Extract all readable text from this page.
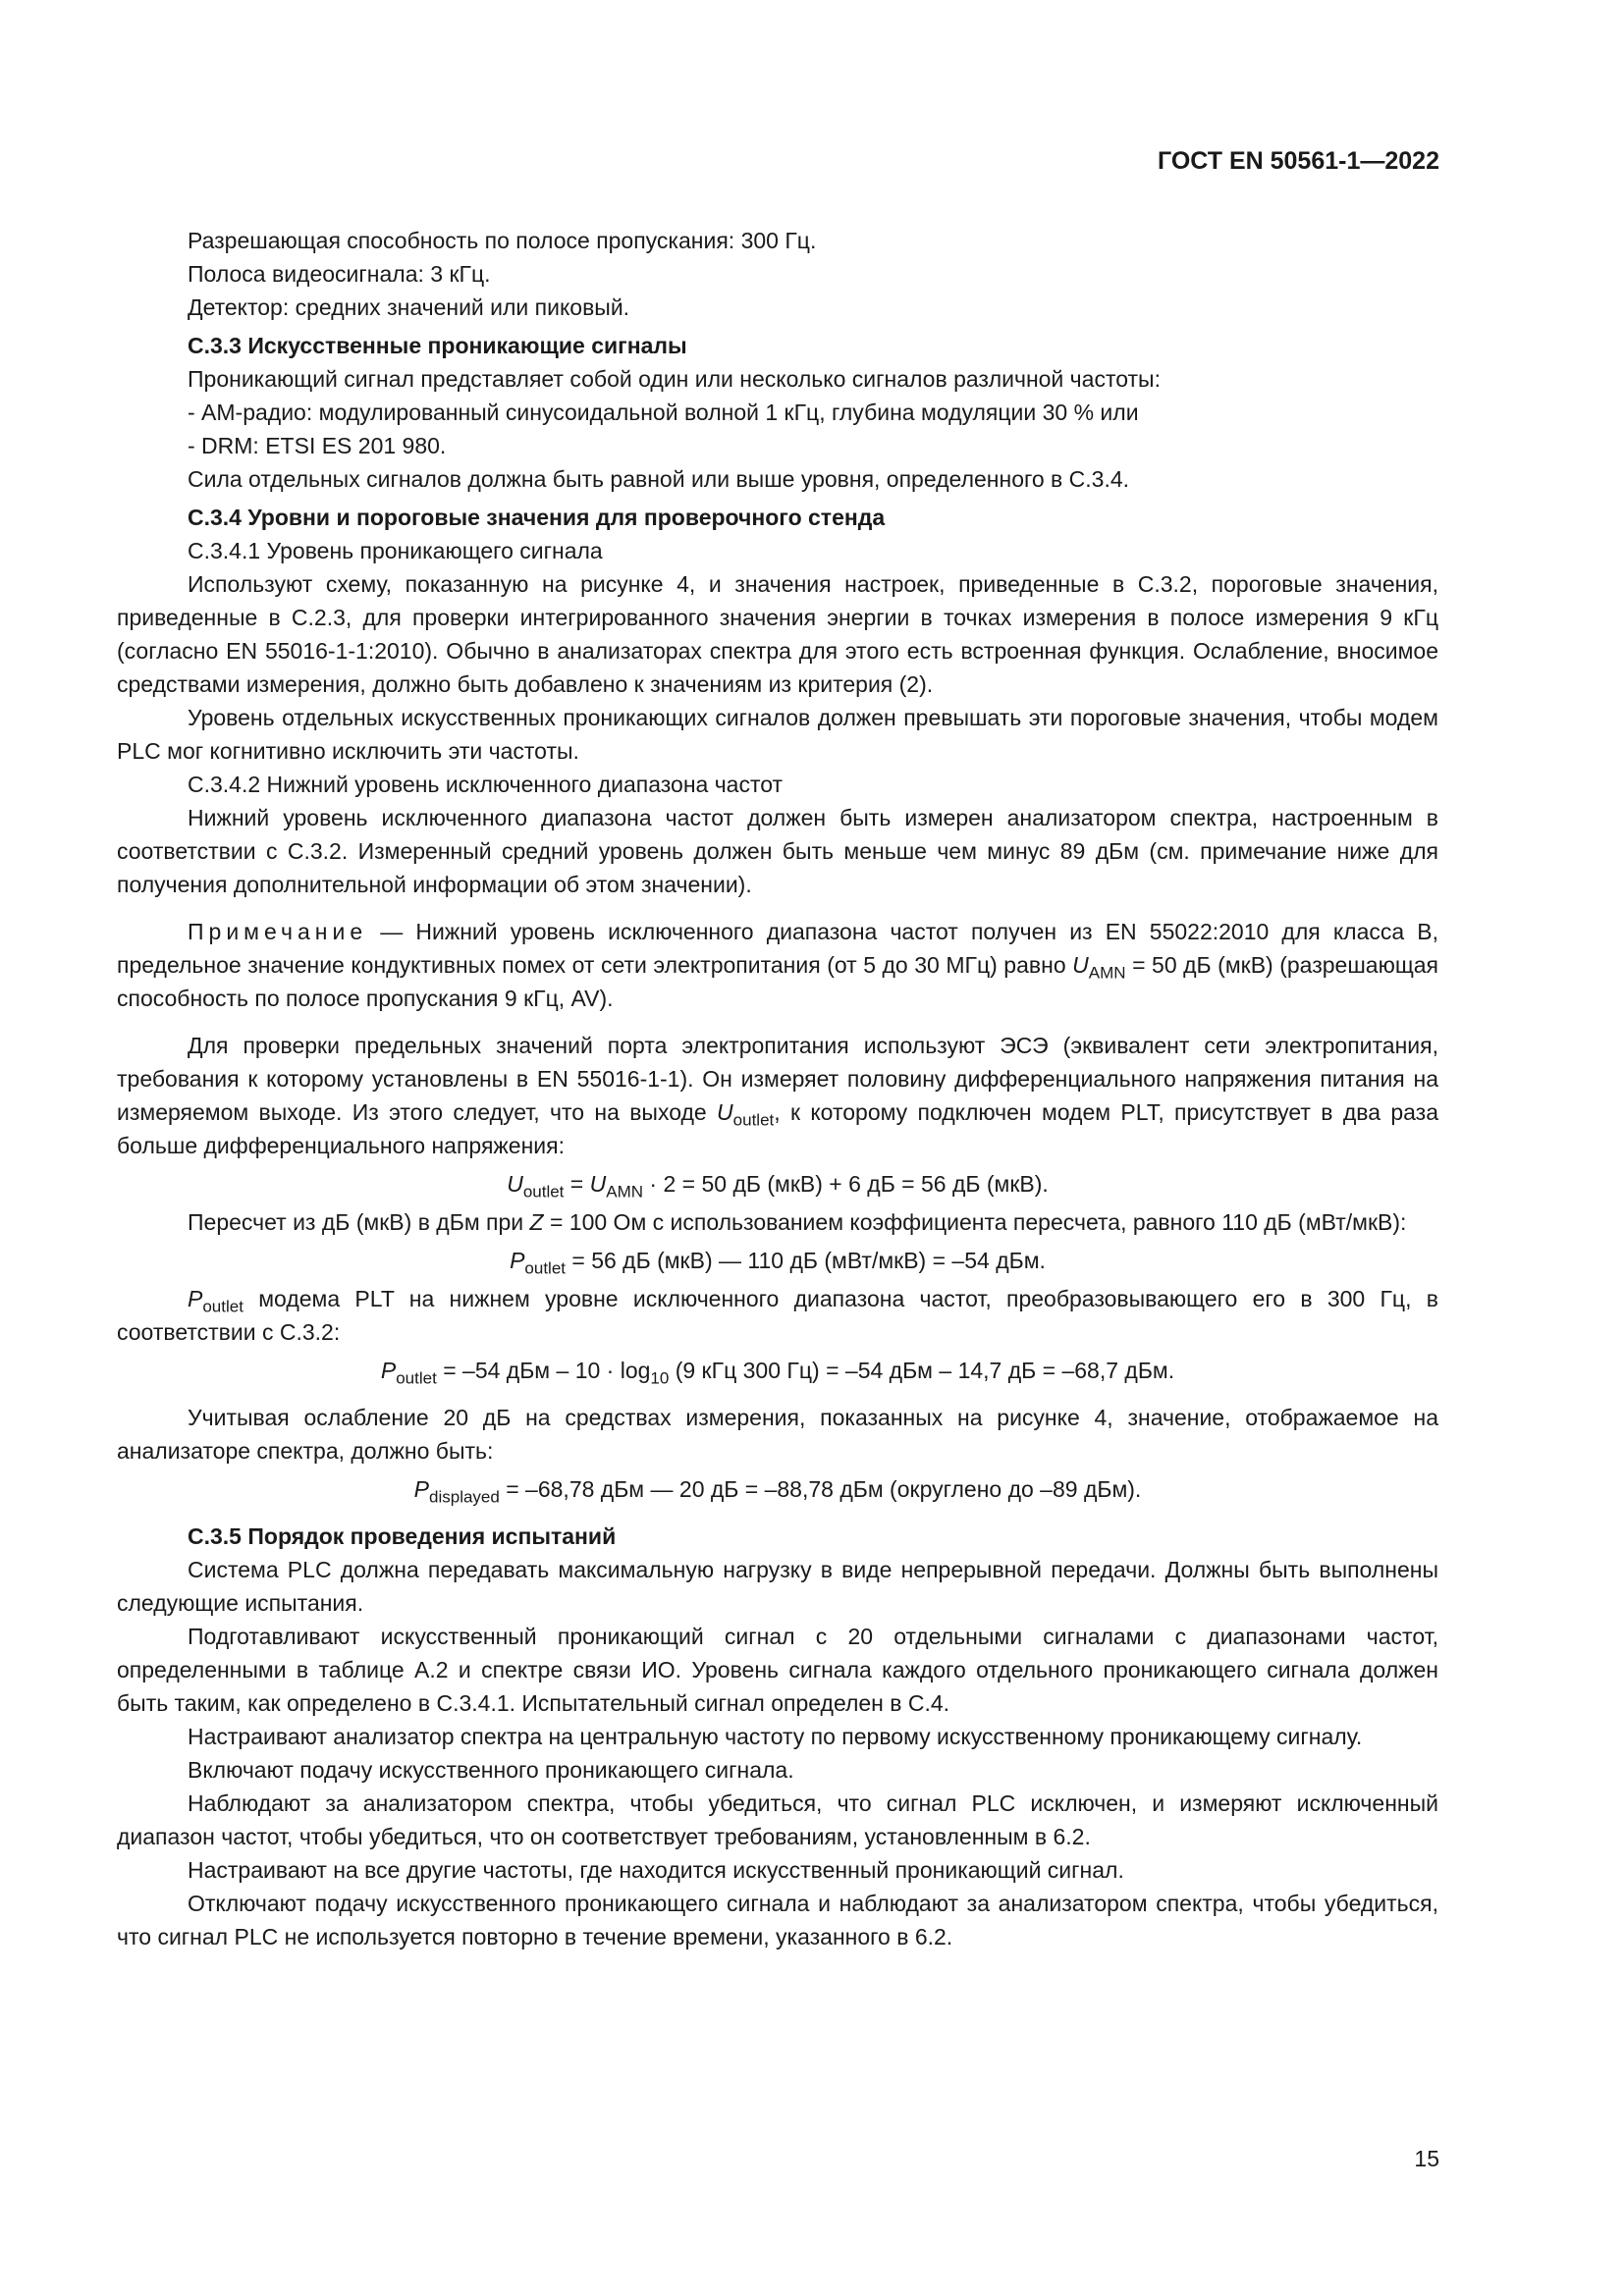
ГОСТ EN 50561-1—2022

Разрешающая способность по полосе пропускания: 300 Гц.

Полоса видеосигнала: 3 кГц.

Детектор: средних значений или пиковый.

С.3.3 Искусственные проникающие сигналы

Проникающий сигнал представляет собой один или несколько сигналов различной частоты:

- АМ-радио: модулированный синусоидальной волной 1 кГц, глубина модуляции 30 % или

- DRM: ETSI ES 201 980.

Сила отдельных сигналов должна быть равной или выше уровня, определенного в С.3.4.

С.3.4 Уровни и пороговые значения для проверочного стенда

С.3.4.1 Уровень проникающего сигнала

Используют схему, показанную на рисунке 4, и значения настроек, приведенные в С.3.2, пороговые значения, приведенные в С.2.3, для проверки интегрированного значения энергии в точках измерения в полосе измерения 9 кГц (согласно EN 55016-1-1:2010). Обычно в анализаторах спектра для этого есть встроенная функция. Ослабление, вносимое средствами измерения, должно быть добавлено к значениям из критерия (2).

Уровень отдельных искусственных проникающих сигналов должен превышать эти пороговые значения, чтобы модем PLC мог когнитивно исключить эти частоты.

С.3.4.2 Нижний уровень исключенного диапазона частот

Нижний уровень исключенного диапазона частот должен быть измерен анализатором спектра, настроенным в соответствии с С.3.2. Измеренный средний уровень должен быть меньше чем минус 89 дБм (см. примечание ниже для получения дополнительной информации об этом значении).

Примечание — Нижний уровень исключенного диапазона частот получен из EN 55022:2010 для класса B, предельное значение кондуктивных помех от сети электропитания (от 5 до 30 МГц) равно $U_{AMN} = 50$ дБ (мкВ) (разрешающая способность по полосе пропускания 9 кГц, AV).

Для проверки предельных значений порта электропитания используют ЭСЭ (эквивалент сети электропитания, требования к которому установлены в EN 55016-1-1). Он измеряет половину дифференциального напряжения питания на измеряемом выходе. Из этого следует, что на выходе $U_{outlet}$, к которому подключен модем PLT, присутствует в два раза больше дифференциального напряжения:

$U_{outlet} = U_{AMN} \cdot 2 = 50$ дБ (мкВ) + 6 дБ = 56 дБ (мкВ).

Пересчет из дБ (мкВ) в дБм при Z = 100 Ом с использованием коэффициента пересчета, равного 110 дБ (мВт/мкВ):

$P_{outlet} = 56$ дБ (мкВ) — 110 дБ (мВт/мкВ) = –54 дБм.

$P_{outlet}$ модема PLT на нижнем уровне исключенного диапазона частот, преобразовывающего его в 300 Гц, в соответствии с С.3.2:

$P_{outlet} = -54$ дБм – $10 \cdot \log_{10} (9$ кГц 300 Гц) = –54 дБм – 14,7 дБ = –68,7 дБм.

Учитывая ослабление 20 дБ на средствах измерения, показанных на рисунке 4, значение, отображаемое на анализаторе спектра, должно быть:

$P_{displayed} = -68,78$ дБм — 20 дБ = –88,78 дБм (округлено до –89 дБм).

С.3.5 Порядок проведения испытаний

Система PLC должна передавать максимальную нагрузку в виде непрерывной передачи. Должны быть выполнены следующие испытания.

Подготавливают искусственный проникающий сигнал с 20 отдельными сигналами с диапазонами частот, определенными в таблице А.2 и спектре связи ИО. Уровень сигнала каждого отдельного проникающего сигнала должен быть таким, как определено в С.3.4.1. Испытательный сигнал определен в С.4.

Настраивают анализатор спектра на центральную частоту по первому искусственному проникающему сигналу.

Включают подачу искусственного проникающего сигнала.

Наблюдают за анализатором спектра, чтобы убедиться, что сигнал PLC исключен, и измеряют исключенный диапазон частот, чтобы убедиться, что он соответствует требованиям, установленным в 6.2.

Настраивают на все другие частоты, где находится искусственный проникающий сигнал.

Отключают подачу искусственного проникающего сигнала и наблюдают за анализатором спектра, чтобы убедиться, что сигнал PLC не используется повторно в течение времени, указанного в 6.2.

15
